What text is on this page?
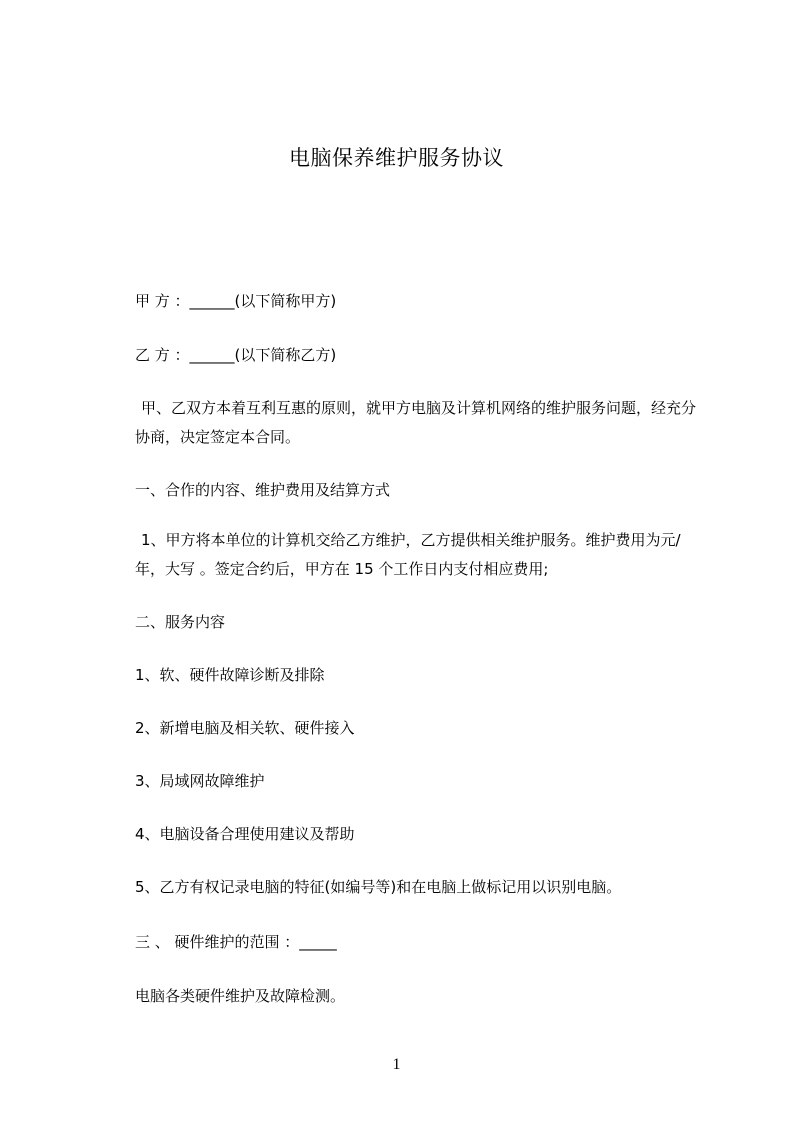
电脑保养维护服务协议
甲 方 ：______(以下简称甲方)
乙 方 ：______(以下简称乙方)
甲、乙双方本着互利互惠的原则，就甲方电脑及计算机网络的维护服务问题，经充分协商，决定签定本合同。
一、合作的内容、维护费用及结算方式
1、甲方将本单位的计算机交给乙方维护，乙方提供相关维护服务。维护费用为元/年，大写 。签定合约后，甲方在 15 个工作日内支付相应费用;
二、服务内容
1、软、硬件故障诊断及排除
2、新增电脑及相关软、硬件接入
3、局域网故障维护
4、电脑设备合理使用建议及帮助
5、乙方有权记录电脑的特征(如编号等)和在电脑上做标记用以识别电脑。
三 、 硬件维护的范围 ：_____
电脑各类硬件维护及故障检测。
1
